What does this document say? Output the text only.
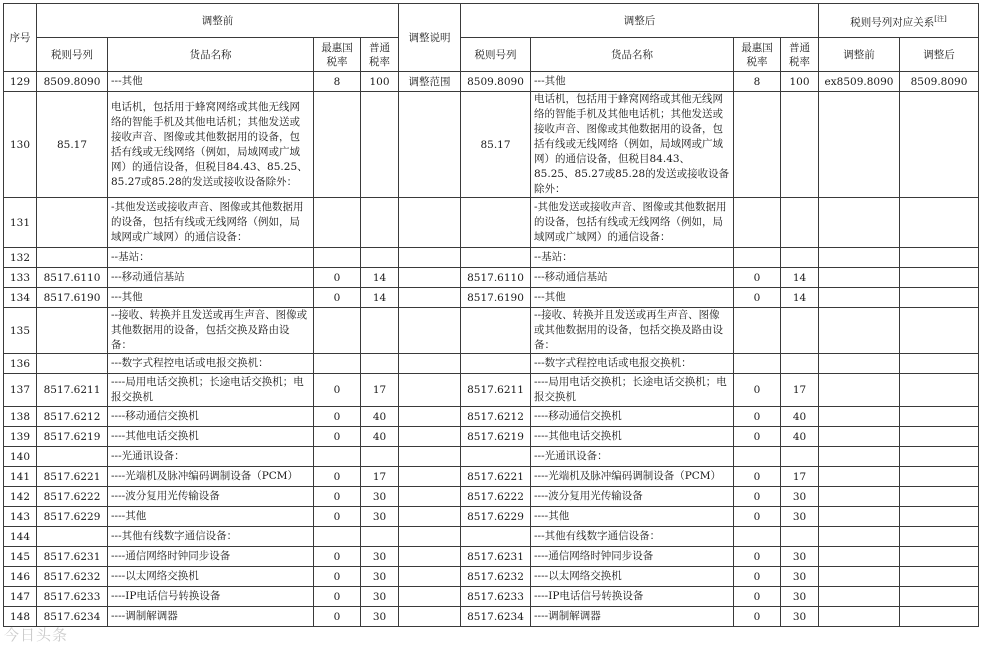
序号	调整前				调整说明	调整后				税则号列对应关系[注]
	税则号列	货品名称	最惠国税率	普通税率		税则号列	货品名称	最惠国税率	普通税率	调整前	调整后
129	8509.8090	---其他	8	100	调整范围	8509.8090	---其他	8	100	ex8509.8090	8509.8090
130	85.17	电话机，包括用于蜂窝网络或其他无线网络的智能手机及其他电话机；其他发送或接收声音、图像或其他数据用的设备，包括有线或无线网络（例如，局域网或广域网）的通信设备，但税目84.43、85.25、85.27或85.28的发送或接收设备除外：				85.17	电话机，包括用于蜂窝网络或其他无线网络的智能手机及其他电话机；其他发送或接收声音、图像或其他数据用的设备，包括有线或无线网络（例如，局域网或广域网）的通信设备，但税目84.43、85.25、85.27或85.28的发送或接收设备除外：				
131		-其他发送或接收声音、图像或其他数据用的设备，包括有线或无线网络（例如，局域网或广域网）的通信设备：					-其他发送或接收声音、图像或其他数据用的设备，包括有线或无线网络（例如，局域网或广域网）的通信设备：				
132		--基站：					--基站：				
133	8517.6110	---移动通信基站	0	14		8517.6110	---移动通信基站	0	14		
134	8517.6190	---其他	0	14		8517.6190	---其他	0	14		
135		--接收、转换并且发送或再生声音、图像或其他数据用的设备，包括交换及路由设备：					--接收、转换并且发送或再生声音、图像或其他数据用的设备，包括交换及路由设备：				
136		---数字式程控电话或电报交换机：					---数字式程控电话或电报交换机：				
137	8517.6211	----局用电话交换机；长途电话交换机；电报交换机	0	17		8517.6211	----局用电话交换机；长途电话交换机；电报交换机	0	17		
138	8517.6212	----移动通信交换机	0	40		8517.6212	----移动通信交换机	0	40		
139	8517.6219	----其他电话交换机	0	40		8517.6219	----其他电话交换机	0	40		
140		---光通讯设备：					---光通讯设备：				
141	8517.6221	----光端机及脉冲编码调制设备（PCM）	0	17		8517.6221	----光端机及脉冲编码调制设备（PCM）	0	17		
142	8517.6222	----波分复用光传输设备	0	30		8517.6222	----波分复用光传输设备	0	30		
143	8517.6229	----其他	0	30		8517.6229	----其他	0	30		
144		---其他有线数字通信设备：					---其他有线数字通信设备：				
145	8517.6231	----通信网络时钟同步设备	0	30		8517.6231	----通信网络时钟同步设备	0	30		
146	8517.6232	----以太网络交换机	0	30		8517.6232	----以太网络交换机	0	30		
147	8517.6233	----IP电话信号转换设备	0	30		8517.6233	----IP电话信号转换设备	0	30		
148	8517.6234	----调制解调器	0	30		8517.6234	----调制解调器	0	30		
今日头条
